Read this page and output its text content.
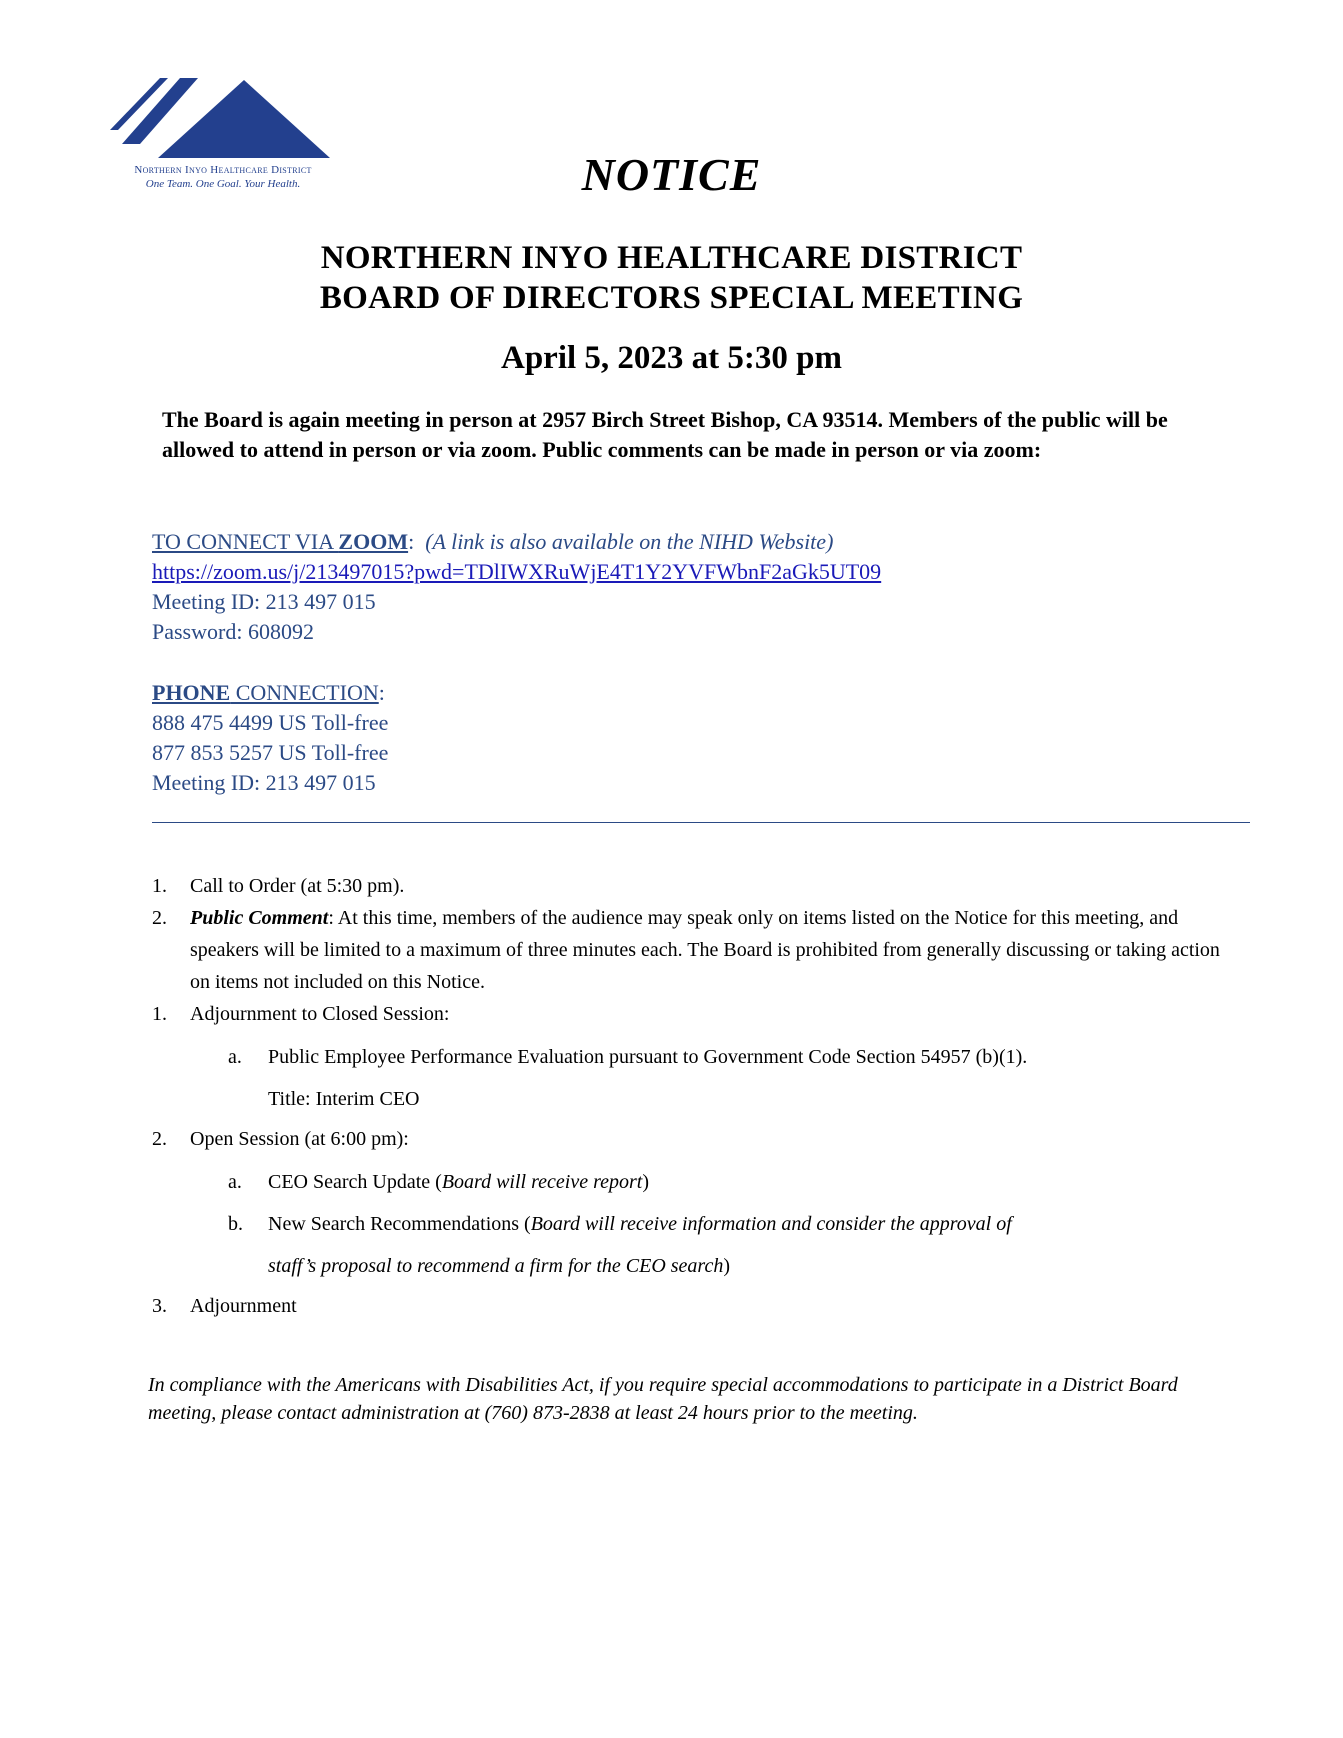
Northern Inyo Healthcare District
One Team. One Goal. Your Health.	NOTICE
NORTHERN INYO HEALTHCARE DISTRICT
BOARD OF DIRECTORS SPECIAL MEETING
April 5, 2023 at 5:30 pm
The Board is again meeting in person at 2957 Birch Street Bishop, CA 93514. Members of the public will be allowed to attend in person or via zoom. Public comments can be made in person or via zoom:
TO CONNECT VIA ZOOM: (A link is also available on the NIHD Website)
https://zoom.us/j/213497015?pwd=TDlIWXRuWjE4T1Y2YVFWbnF2aGk5UT09
Meeting ID: 213 497 015
Password: 608092
PHONE CONNECTION:
888 475 4499 US Toll-free
877 853 5257 US Toll-free
Meeting ID: 213 497 015
1. Call to Order (at 5:30 pm).
2. Public Comment: At this time, members of the audience may speak only on items listed on the Notice for this meeting, and speakers will be limited to a maximum of three minutes each. The Board is prohibited from generally discussing or taking action on items not included on this Notice.
1. Adjournment to Closed Session:
a. Public Employee Performance Evaluation pursuant to Government Code Section 54957 (b)(1).
Title: Interim CEO
2. Open Session (at 6:00 pm):
a. CEO Search Update (Board will receive report)
b. New Search Recommendations (Board will receive information and consider the approval of
staff’s proposal to recommend a firm for the CEO search)
3. Adjournment
In compliance with the Americans with Disabilities Act, if you require special accommodations to participate in a District Board meeting, please contact administration at (760) 873-2838 at least 24 hours prior to the meeting.
